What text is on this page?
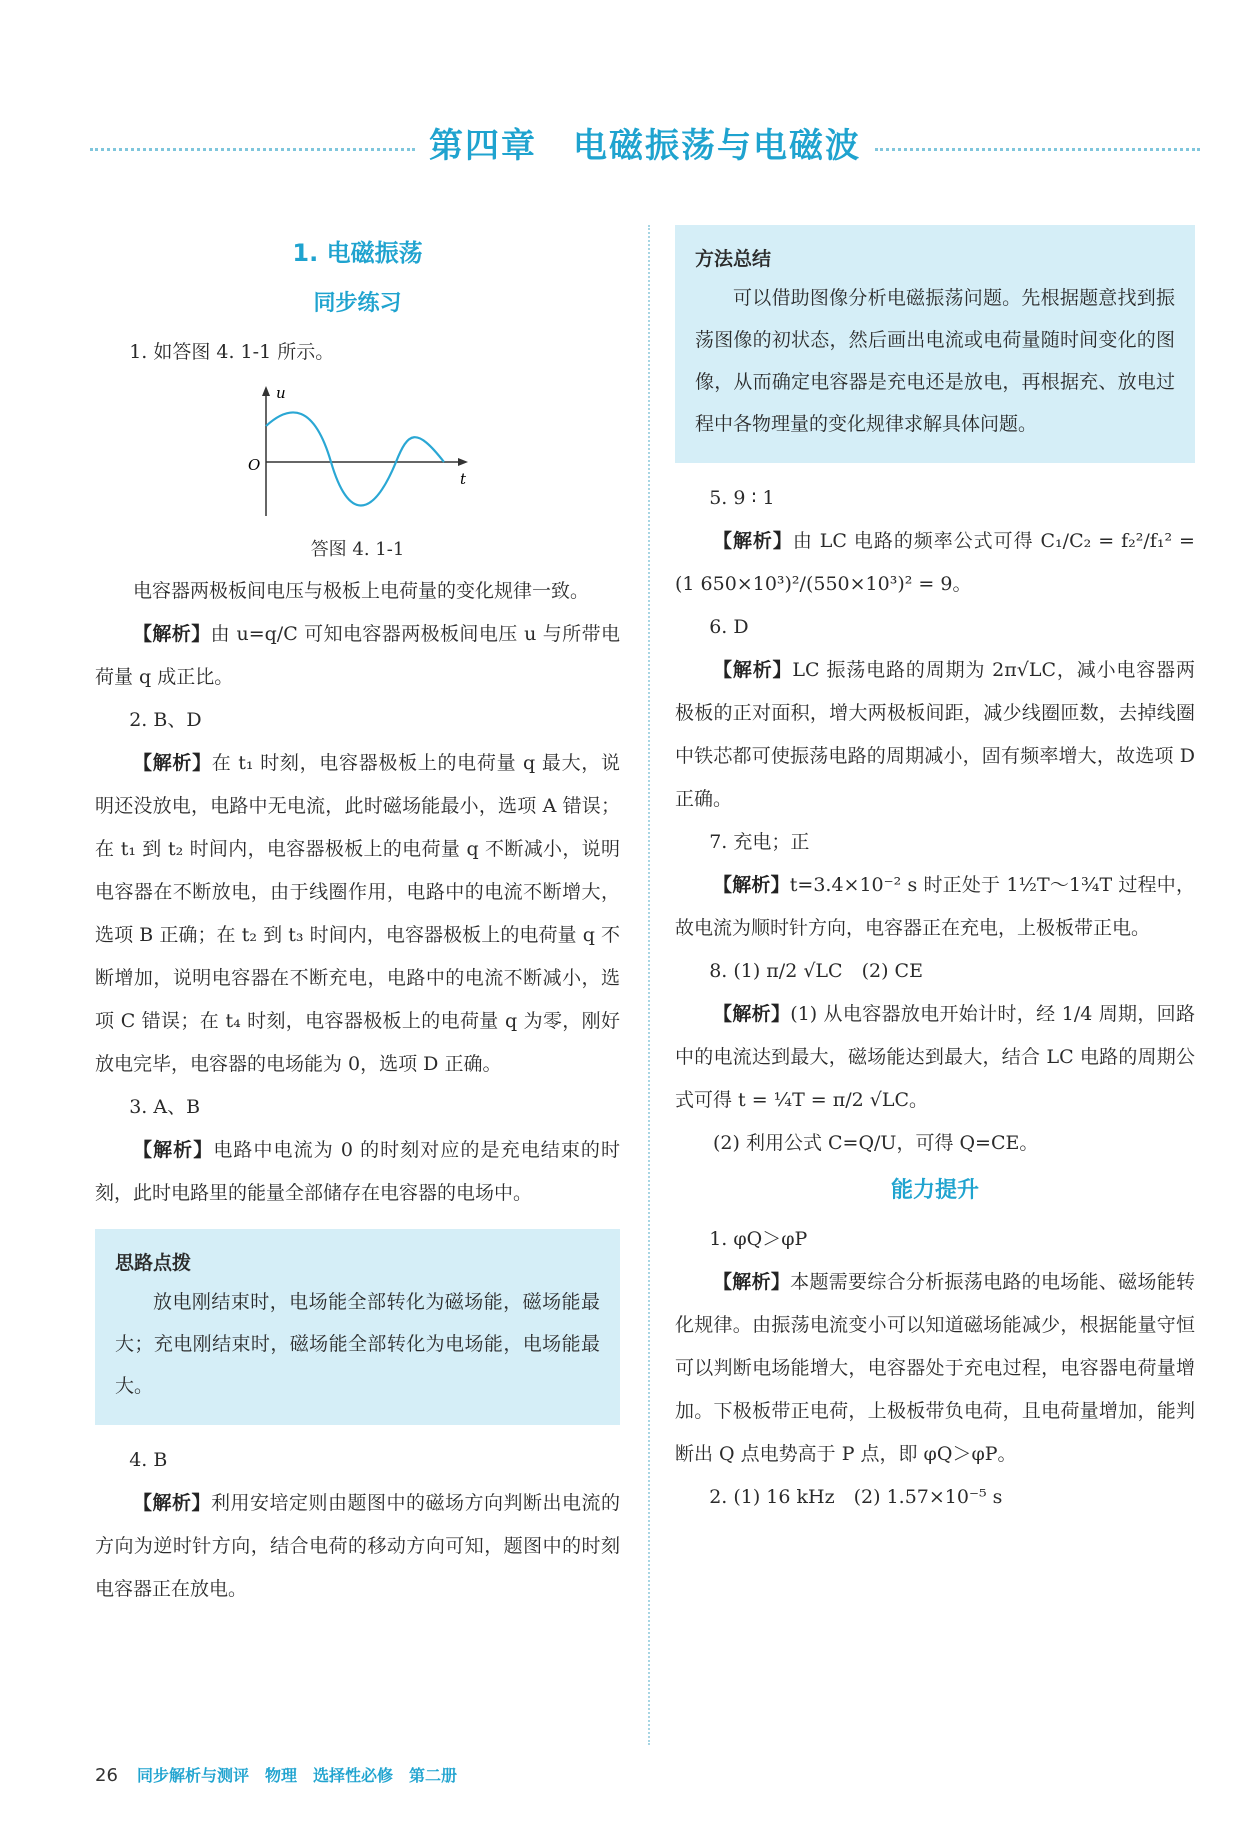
第四章　电磁振荡与电磁波
1. 电磁振荡
同步练习
1. 如答图 4. 1-1 所示。
u
O
t
答图 4. 1-1
电容器两极板间电压与极板上电荷量的变化规律一致。
【解析】由 u=q/C 可知电容器两极板间电压 u 与所带电荷量 q 成正比。
2. B、D
【解析】在 t₁ 时刻，电容器极板上的电荷量 q 最大，说明还没放电，电路中无电流，此时磁场能最小，选项 A 错误；在 t₁ 到 t₂ 时间内，电容器极板上的电荷量 q 不断减小，说明电容器在不断放电，由于线圈作用，电路中的电流不断增大，选项 B 正确；在 t₂ 到 t₃ 时间内，电容器极板上的电荷量 q 不断增加，说明电容器在不断充电，电路中的电流不断减小，选项 C 错误；在 t₄ 时刻，电容器极板上的电荷量 q 为零，刚好放电完毕，电容器的电场能为 0，选项 D 正确。
3. A、B
【解析】电路中电流为 0 的时刻对应的是充电结束的时刻，此时电路里的能量全部储存在电容器的电场中。
思路点拨
放电刚结束时，电场能全部转化为磁场能，磁场能最大；充电刚结束时，磁场能全部转化为电场能，电场能最大。
4. B
【解析】利用安培定则由题图中的磁场方向判断出电流的方向为逆时针方向，结合电荷的移动方向可知，题图中的时刻电容器正在放电。
方法总结
可以借助图像分析电磁振荡问题。先根据题意找到振荡图像的初状态，然后画出电流或电荷量随时间变化的图像，从而确定电容器是充电还是放电，再根据充、放电过程中各物理量的变化规律求解具体问题。
5. 9 ∶ 1
【解析】由 LC 电路的频率公式可得 C₁/C₂ = f₂²/f₁² = (1 650×10³)²/(550×10³)² = 9。
6. D
【解析】LC 振荡电路的周期为 2π√LC，减小电容器两极板的正对面积，增大两极板间距，减少线圈匝数，去掉线圈中铁芯都可使振荡电路的周期减小，固有频率增大，故选项 D 正确。
7. 充电；正
【解析】t=3.4×10⁻² s 时正处于 1½T～1¾T 过程中，故电流为顺时针方向，电容器正在充电，上极板带正电。
8. (1) π/2 √LC　(2) CE
【解析】(1) 从电容器放电开始计时，经 1/4 周期，回路中的电流达到最大，磁场能达到最大，结合 LC 电路的周期公式可得 t = ¼T = π/2 √LC。
(2) 利用公式 C=Q/U，可得 Q=CE。
能力提升
1. φQ＞φP
【解析】本题需要综合分析振荡电路的电场能、磁场能转化规律。由振荡电流变小可以知道磁场能减少，根据能量守恒可以判断电场能增大，电容器处于充电过程，电容器电荷量增加。下极板带正电荷，上极板带负电荷，且电荷量增加，能判断出 Q 点电势高于 P 点，即 φQ＞φP。
2. (1) 16 kHz　(2) 1.57×10⁻⁵ s
26 同步解析与测评　物理　选择性必修　第二册
